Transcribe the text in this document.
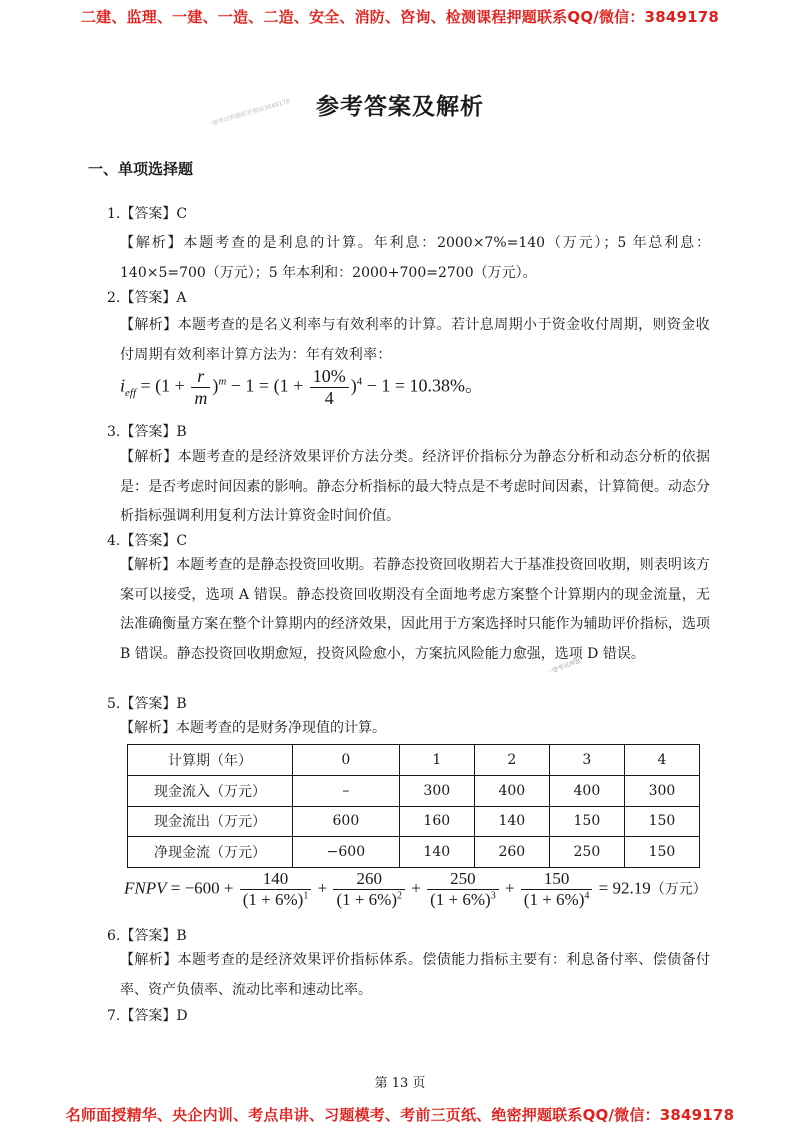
二建、监理、一建、一造、二造、安全、消防、咨询、检测课程押题联系QQ/微信：3849178
一建考试押题联系微信3849178	参考答案及解析
一、单项选择题
1.【答案】C
【解析】本题考查的是利息的计算。年利息：2000×7%=140（万元）；5 年总利息：140×5=700（万元）；5 年本利和：2000+700=2700（万元）。
2.【答案】A
【解析】本题考查的是名义利率与有效利率的计算。若计息周期小于资金收付周期，则资金收付周期有效利率计算方法为：年有效利率：
$i_{eff} = (1 + \frac{r}{m} )^m - 1 = (1 + \frac{10\%}{4} )^4 - 1 = 10.38\%$。
3.【答案】B
【解析】本题考查的是经济效果评价方法分类。经济评价指标分为静态分析和动态分析的依据是：是否考虑时间因素的影响。静态分析指标的最大特点是不考虑时间因素，计算简便。动态分析指标强调利用复利方法计算资金时间价值。
4.【答案】C
【解析】本题考查的是静态投资回收期。若静态投资回收期若大于基准投资回收期，则表明该方案可以接受，选项 A 错误。静态投资回收期没有全面地考虑方案整个计算期内的现金流量，无法准确衡量方案在整个计算期内的经济效果，因此用于方案选择时只能作为辅助评价指标，选项 B 错误。静态投资回收期愈短，投资风险愈小，方案抗风险能力愈强，选项 D 错误。
一建考试押题
5.【答案】B
【解析】本题考查的是财务净现值的计算。
计算期（年）	0	1	2	3	4
现金流入（万元）	–	300	400	400	300
现金流出（万元）	600	160	140	150	150
净现金流（万元）	−600	140	260	250	150
FNPV = $-600 + \frac{140}{(1 + 6\%)^1} + \frac{260}{(1 + 6\%)^2} + \frac{250}{(1 + 6\%)^3} + \frac{150}{(1 + 6\%)^4} = 92.19$（万元）
6.【答案】B
【解析】本题考查的是经济效果评价指标体系。偿债能力指标主要有：利息备付率、偿债备付率、资产负债率、流动比率和速动比率。
7.【答案】D
第 13 页
名师面授精华、央企内训、考点串讲、习题模考、考前三页纸、绝密押题联系QQ/微信：3849178
